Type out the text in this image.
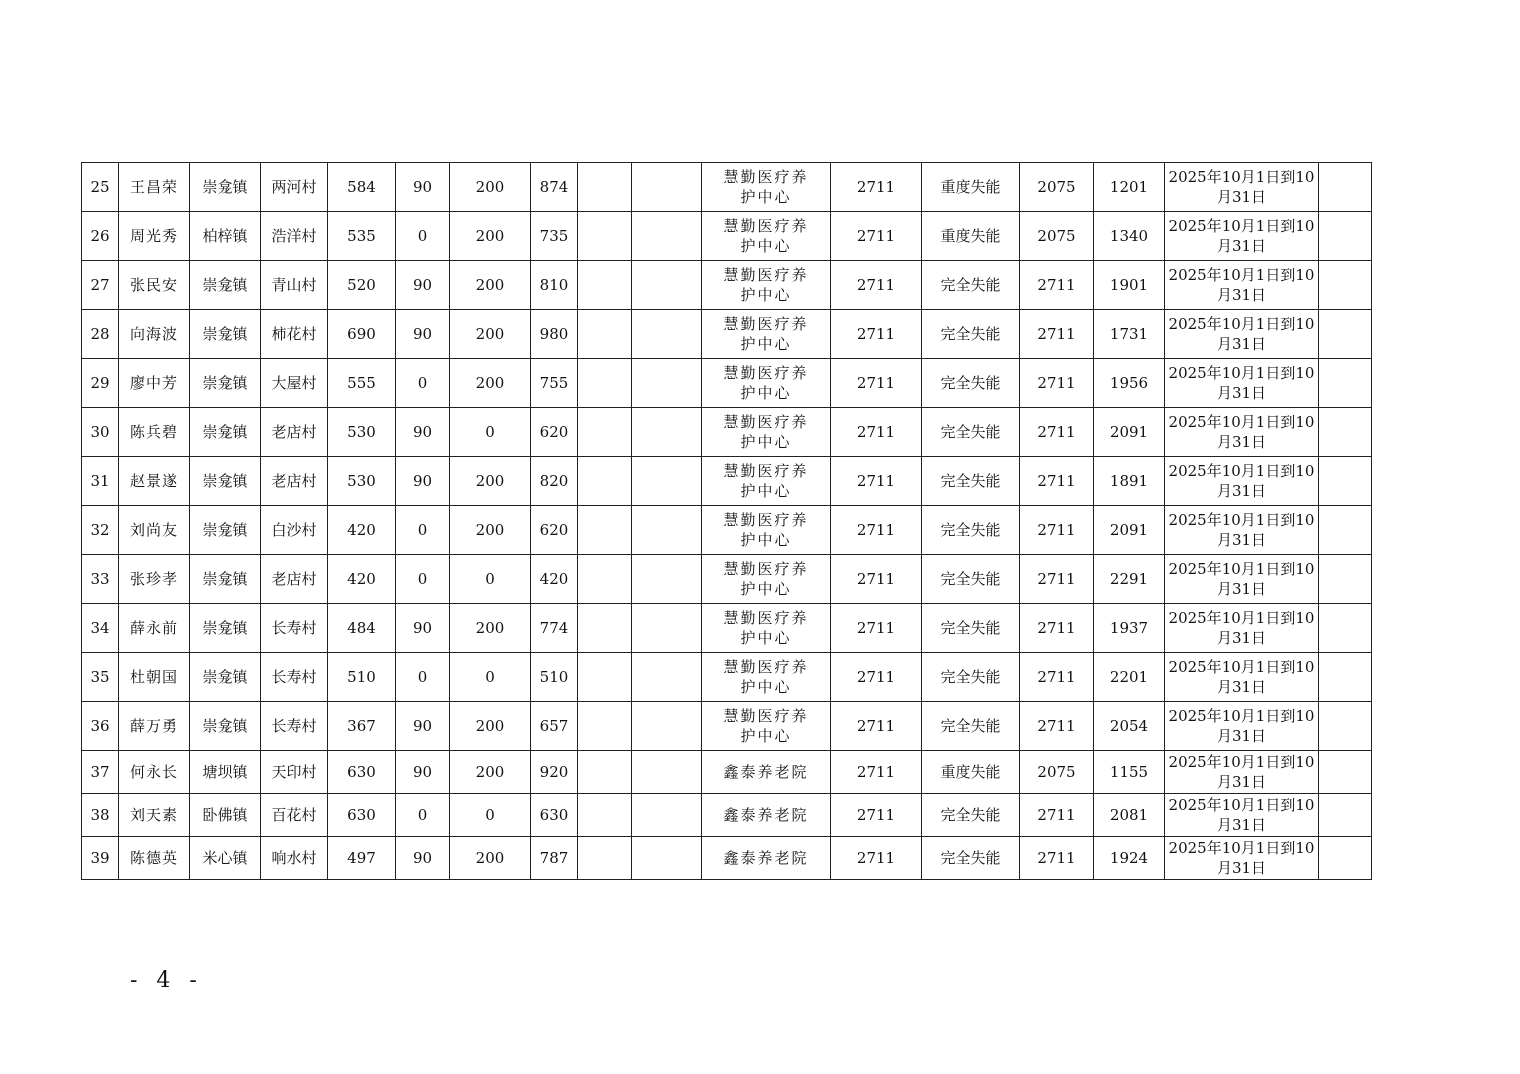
25	王昌荣	崇龛镇	两河村	584	90	200	874			慧勤医疗养护中心	2711	重度失能	2075	1201	2025年10月1日到10月31日	
26	周光秀	柏梓镇	浩洋村	535	0	200	735			慧勤医疗养护中心	2711	重度失能	2075	1340	2025年10月1日到10月31日	
27	张民安	崇龛镇	青山村	520	90	200	810			慧勤医疗养护中心	2711	完全失能	2711	1901	2025年10月1日到10月31日	
28	向海波	崇龛镇	柿花村	690	90	200	980			慧勤医疗养护中心	2711	完全失能	2711	1731	2025年10月1日到10月31日	
29	廖中芳	崇龛镇	大屋村	555	0	200	755			慧勤医疗养护中心	2711	完全失能	2711	1956	2025年10月1日到10月31日	
30	陈兵碧	崇龛镇	老店村	530	90	0	620			慧勤医疗养护中心	2711	完全失能	2711	2091	2025年10月1日到10月31日	
31	赵景遂	崇龛镇	老店村	530	90	200	820			慧勤医疗养护中心	2711	完全失能	2711	1891	2025年10月1日到10月31日	
32	刘尚友	崇龛镇	白沙村	420	0	200	620			慧勤医疗养护中心	2711	完全失能	2711	2091	2025年10月1日到10月31日	
33	张珍孝	崇龛镇	老店村	420	0	0	420			慧勤医疗养护中心	2711	完全失能	2711	2291	2025年10月1日到10月31日	
34	薛永前	崇龛镇	长寿村	484	90	200	774			慧勤医疗养护中心	2711	完全失能	2711	1937	2025年10月1日到10月31日	
35	杜朝国	崇龛镇	长寿村	510	0	0	510			慧勤医疗养护中心	2711	完全失能	2711	2201	2025年10月1日到10月31日	
36	薛万勇	崇龛镇	长寿村	367	90	200	657			慧勤医疗养护中心	2711	完全失能	2711	2054	2025年10月1日到10月31日	
37	何永长	塘坝镇	天印村	630	90	200	920			鑫泰养老院	2711	重度失能	2075	1155	2025年10月1日到10月31日	
38	刘天素	卧佛镇	百花村	630	0	0	630			鑫泰养老院	2711	完全失能	2711	2081	2025年10月1日到10月31日	
39	陈德英	米心镇	响水村	497	90	200	787			鑫泰养老院	2711	完全失能	2711	1924	2025年10月1日到10月31日	
- 4 -
